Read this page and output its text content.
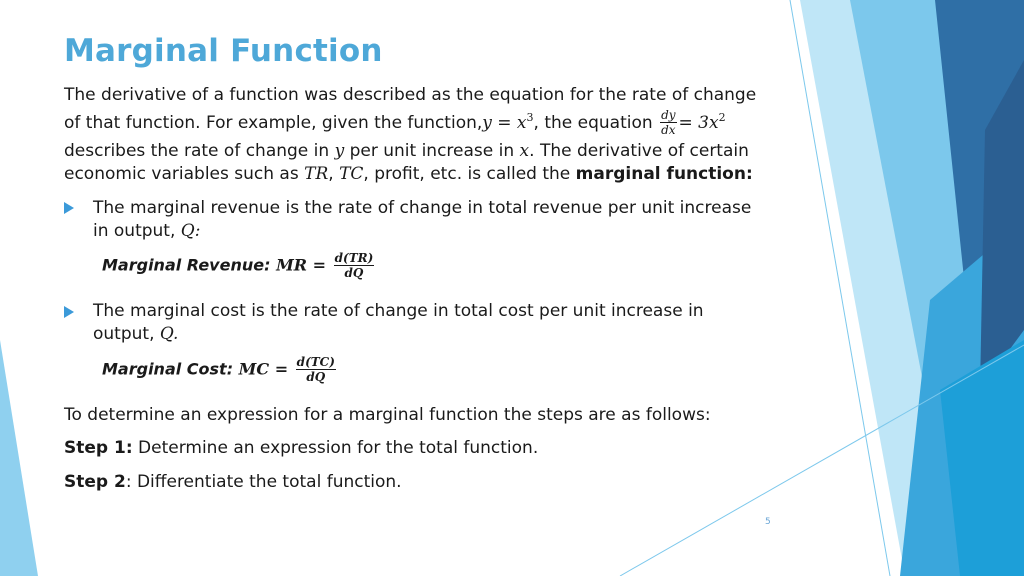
Marginal Function
The derivative of a function was described as the equation for the rate of change
of that function. For example, given the function,y = $x^3$, the equation $\frac{dy}{dx} = 3x^2$
describes the rate of change in y per unit increase in x. The derivative of certain
economic variables such as TR, TC, profit, etc. is called the marginal function:
The marginal revenue is the rate of change in total revenue per unit increase
in output, Q:
Marginal Revenue: MR = $\frac{d(TR)}{dQ}$
The marginal cost is the rate of change in total cost per unit increase in
output, Q.
Marginal Cost: MC = $\frac{d(TC)}{dQ}$
To determine an expression for a marginal function the steps are as follows:
Step 1: Determine an expression for the total function.
Step 2: Differentiate the total function.
5
